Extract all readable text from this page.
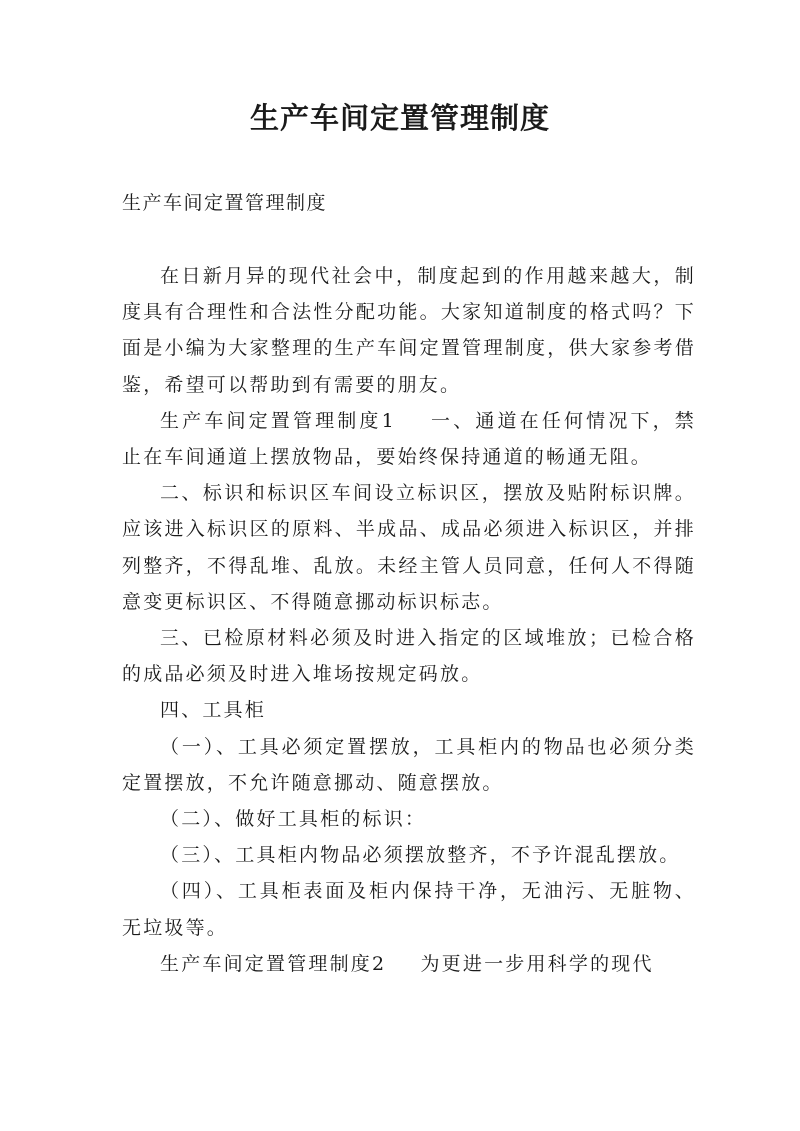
生产车间定置管理制度

生产车间定置管理制度

在日新月异的现代社会中，制度起到的作用越来越大，制度具有合理性和合法性分配功能。大家知道制度的格式吗？下面是小编为大家整理的生产车间定置管理制度，供大家参考借鉴，希望可以帮助到有需要的朋友。

生产车间定置管理制度1 一、通道在任何情况下，禁止在车间通道上摆放物品，要始终保持通道的畅通无阻。

二、标识和标识区车间设立标识区，摆放及贴附标识牌。应该进入标识区的原料、半成品、成品必须进入标识区，并排列整齐，不得乱堆、乱放。未经主管人员同意，任何人不得随意变更标识区、不得随意挪动标识标志。

三、已检原材料必须及时进入指定的区域堆放；已检合格的成品必须及时进入堆场按规定码放。

四、工具柜

（一）、工具必须定置摆放，工具柜内的物品也必须分类定置摆放，不允许随意挪动、随意摆放。

（二）、做好工具柜的标识：

（三）、工具柜内物品必须摆放整齐，不予许混乱摆放。

（四）、工具柜表面及柜内保持干净，无油污、无脏物、无垃圾等。

生产车间定置管理制度2 为更进一步用科学的现代
